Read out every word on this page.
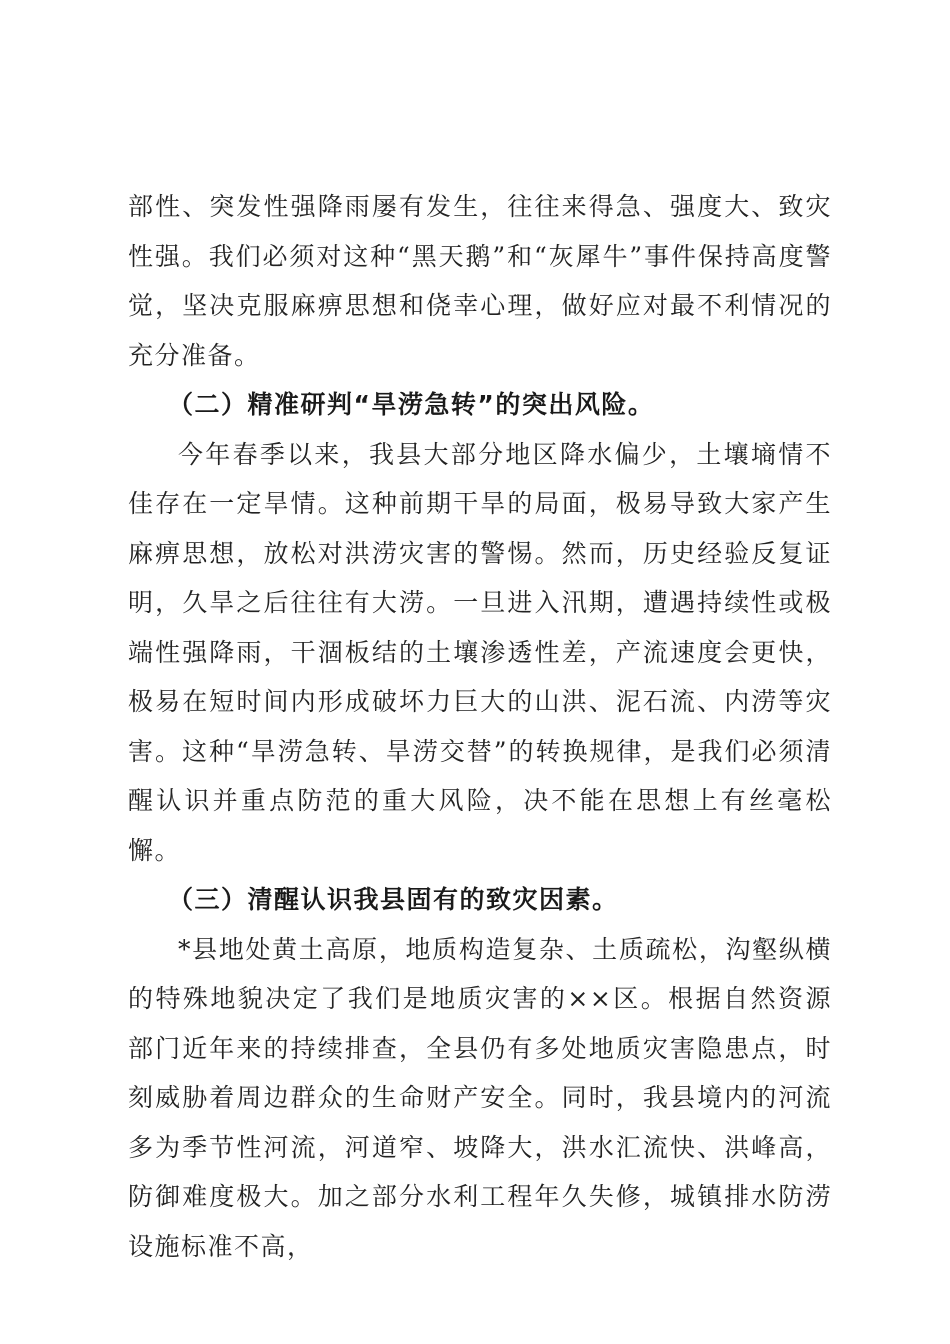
部性、突发性强降雨屡有发生，往往来得急、强度大、致灾性强。我们必须对这种“黑天鹅”和“灰犀牛”事件保持高度警觉，坚决克服麻痹思想和侥幸心理，做好应对最不利情况的充分准备。

（二）精准研判“旱涝急转”的突出风险。

今年春季以来，我县大部分地区降水偏少，土壤墒情不佳存在一定旱情。这种前期干旱的局面，极易导致大家产生麻痹思想，放松对洪涝灾害的警惕。然而，历史经验反复证明，久旱之后往往有大涝。一旦进入汛期，遭遇持续性或极端性强降雨，干涸板结的土壤渗透性差，产流速度会更快，极易在短时间内形成破坏力巨大的山洪、泥石流、内涝等灾害。这种“旱涝急转、旱涝交替”的转换规律，是我们必须清醒认识并重点防范的重大风险，决不能在思想上有丝毫松懈。

（三）清醒认识我县固有的致灾因素。

*县地处黄土高原，地质构造复杂、土质疏松，沟壑纵横的特殊地貌决定了我们是地质灾害的××区。根据自然资源部门近年来的持续排查，全县仍有多处地质灾害隐患点，时刻威胁着周边群众的生命财产安全。同时，我县境内的河流多为季节性河流，河道窄、坡降大，洪水汇流快、洪峰高，防御难度极大。加之部分水利工程年久失修，城镇排水防涝设施标准不高，
